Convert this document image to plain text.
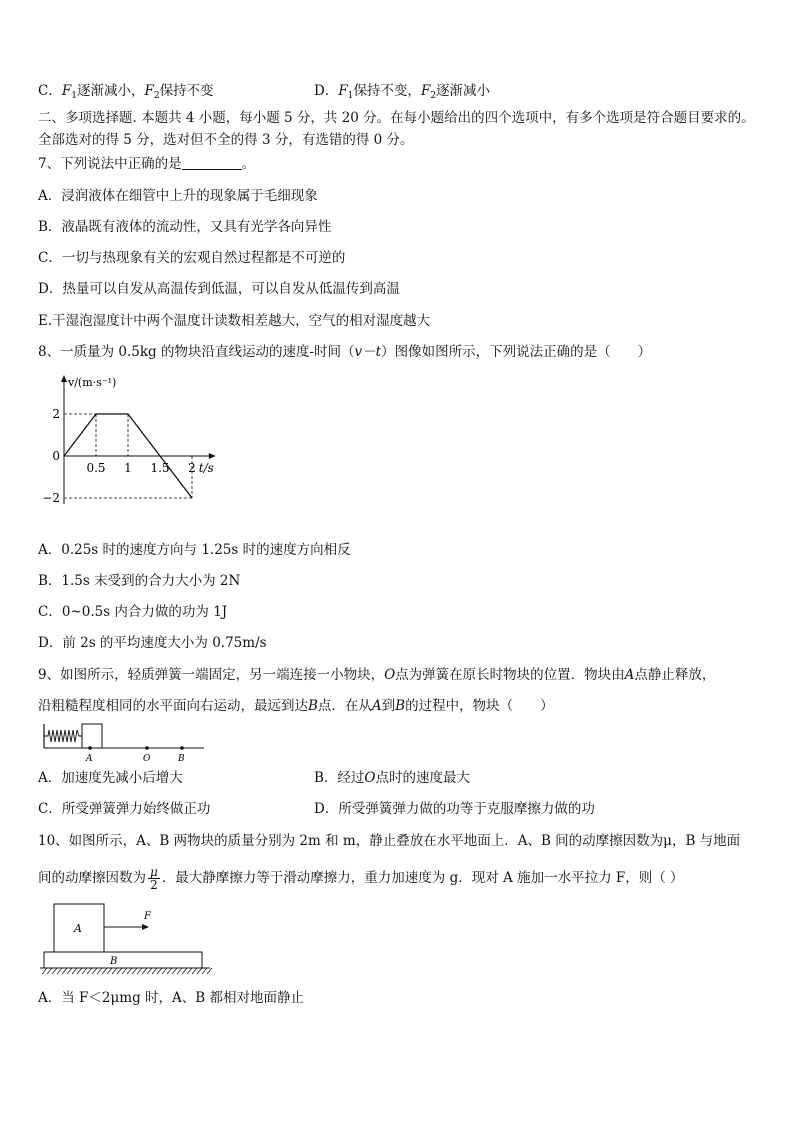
C．$F_1$逐渐减小，$F_2$保持不变	D．$F_1$保持不变，$F_2$逐渐减小
二、多项选择题. 本题共 4 小题，每小题 5 分，共 20 分。在每小题给出的四个选项中，有多个选项是符合题目要求的。
全部选对的得 5 分，选对但不全的得 3 分，有选错的得 0 分。
7、下列说法中正确的是	。
A．浸润液体在细管中上升的现象属于毛细现象
B．液晶既有液体的流动性，又具有光学各向异性
C．一切与热现象有关的宏观自然过程都是不可逆的
D．热量可以自发从高温传到低温，可以自发从低温传到高温
E.干湿泡湿度计中两个温度计读数相差越大，空气的相对湿度越大
8、一质量为 0.5kg 的物块沿直线运动的速度-时间（v－t）图像如图所示，下列说法正确的是（　　）
v/(m·s⁻¹)
t/s
2
0
−2
0.5 1 1.5 2
A．0.25s 时的速度方向与 1.25s 时的速度方向相反
B．1.5s 末受到的合力大小为 2N
C．0~0.5s 内合力做的功为 1J
D．前 2s 的平均速度大小为 0.75m/s
9、如图所示，轻质弹簧一端固定，另一端连接一小物块，O点为弹簧在原长时物块的位置．物块由A点静止释放，
沿粗糙程度相同的水平面向右运动，最远到达B点．在从A到B的过程中，物块（　　）
A	O	B
A．加速度先减小后增大	B．经过O点时的速度最大
C．所受弹簧弹力始终做正功	D．所受弹簧弹力做的功等于克服摩擦力做的功
10、如图所示，A、B 两物块的质量分别为 2m 和 m，静止叠放在水平地面上．A、B 间的动摩擦因数为μ，B 与地面
间的动摩擦因数为 $\frac{\mu}{2}$ ．最大静摩擦力等于滑动摩擦力，重力加速度为 g．现对 A 施加一水平拉力 F，则（ ）
A
F
B
A．当 F＜2μmg 时，A、B 都相对地面静止
